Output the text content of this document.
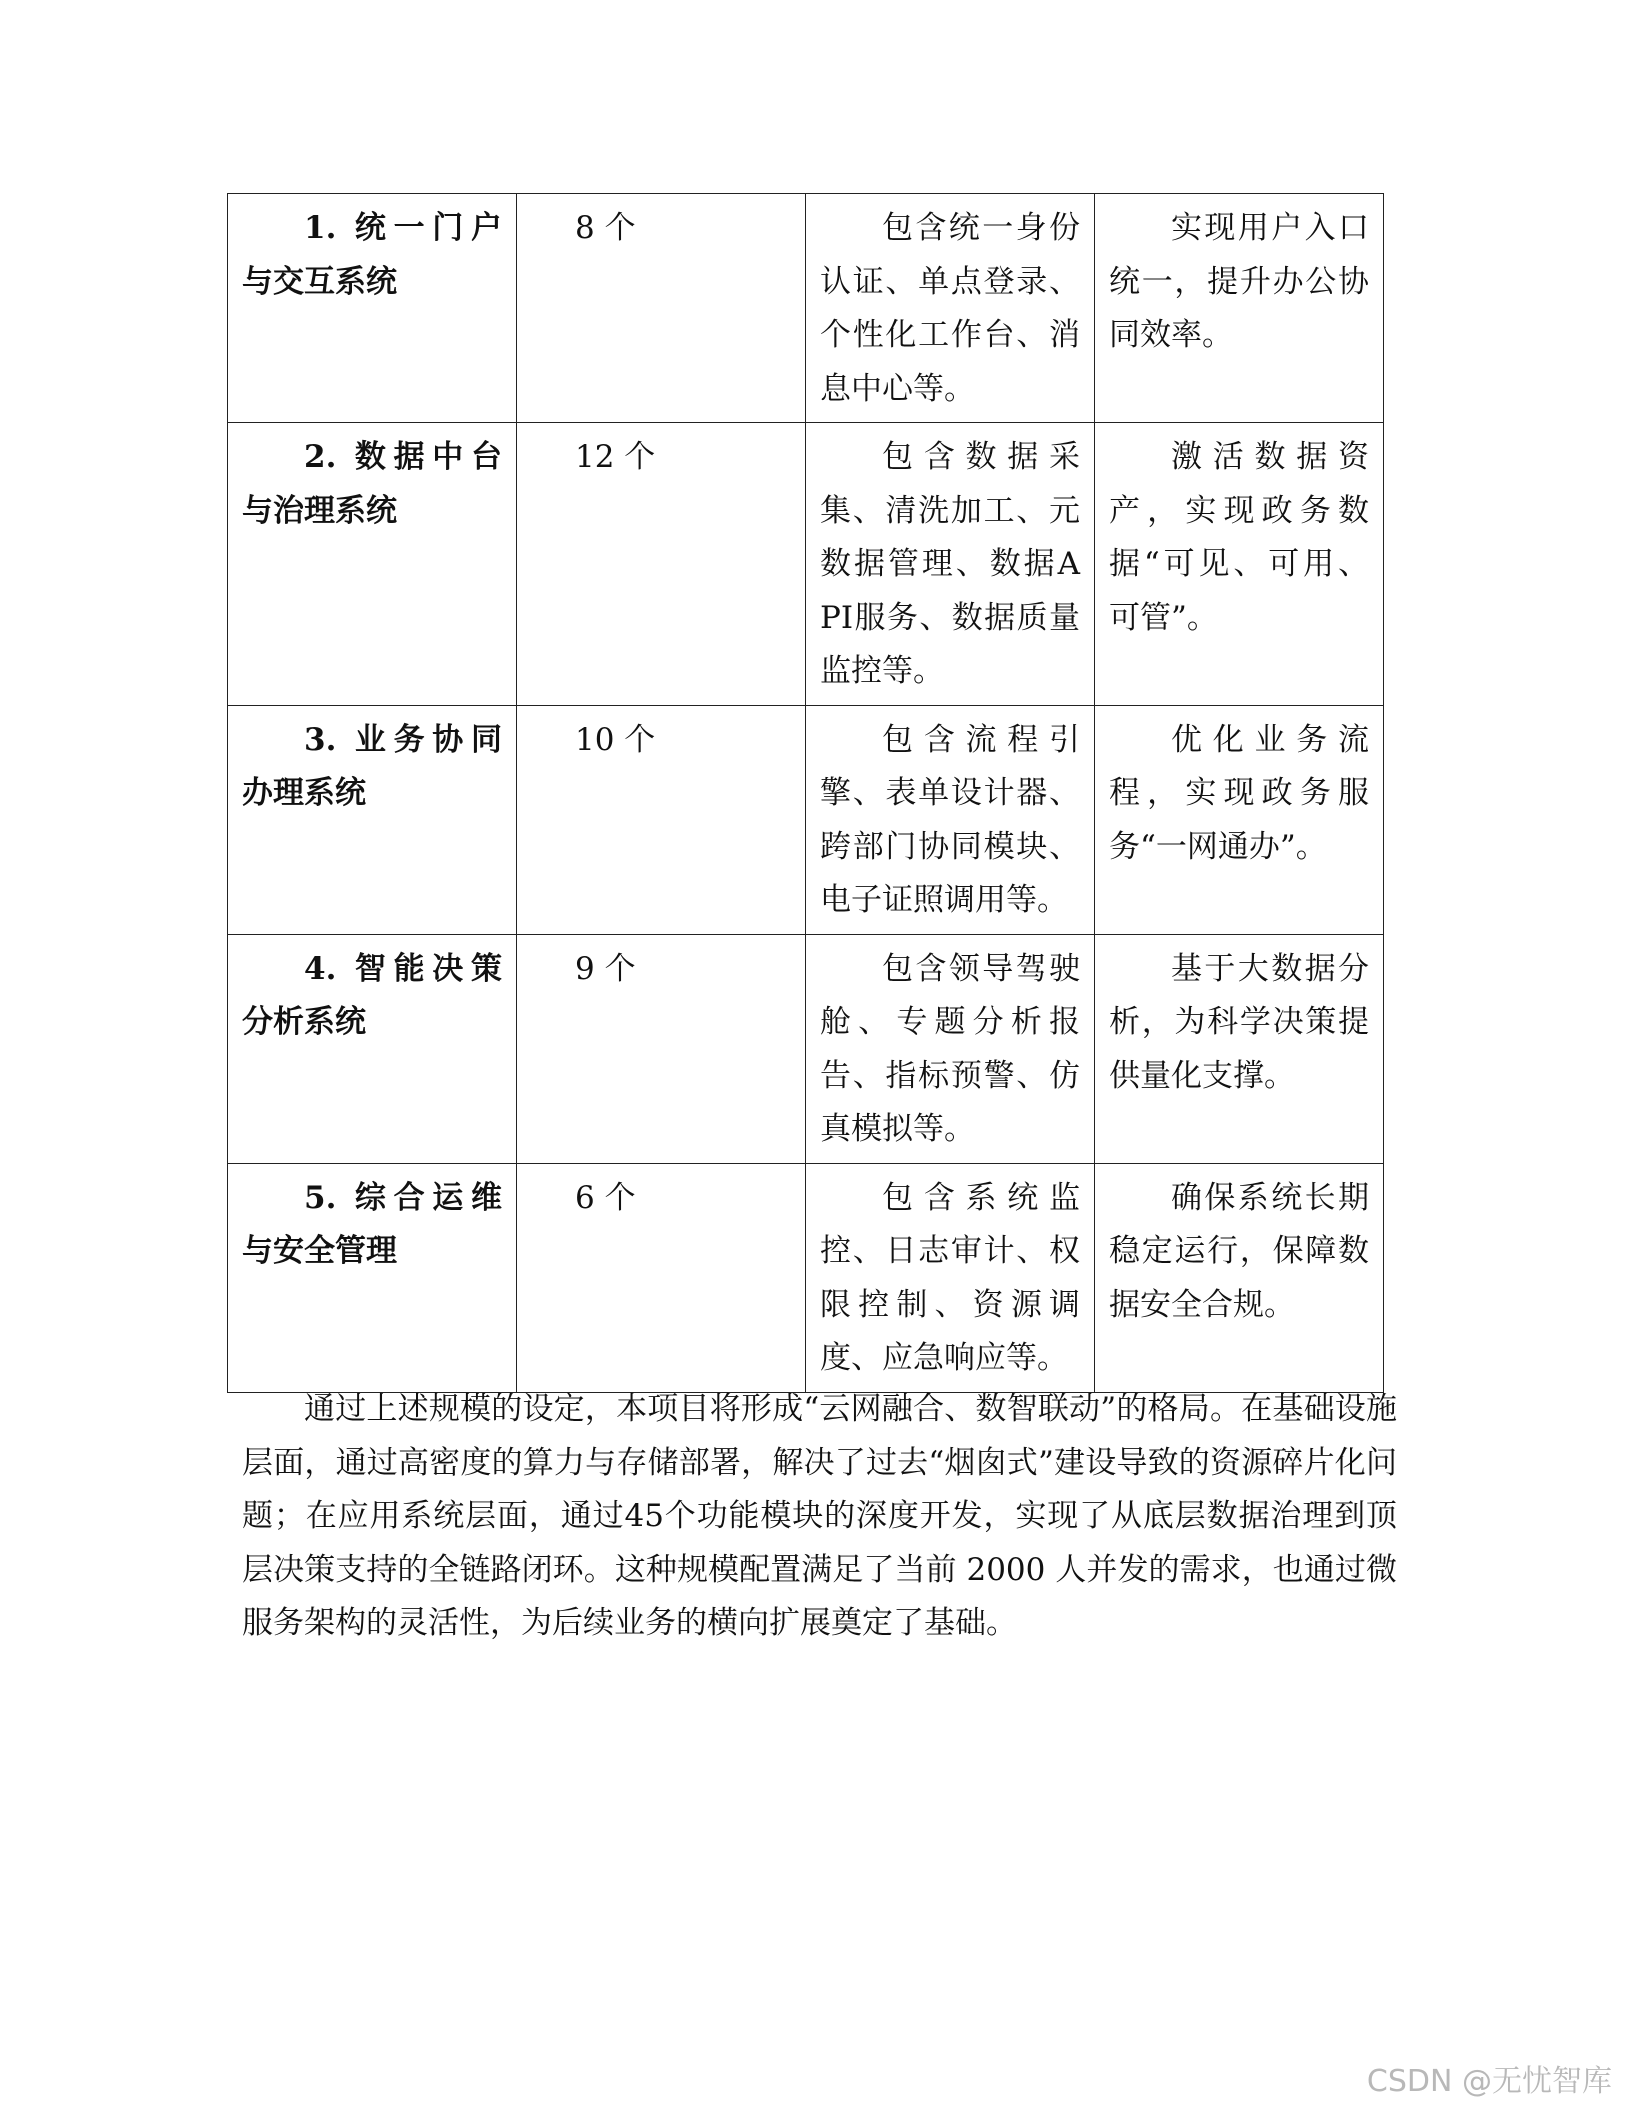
1. 统一门户与交互系统	8 个	包含统一身份认证、单点登录、个性化工作台、消息中心等。	实现用户入口统一，提升办公协同效率。
2. 数据中台与治理系统	12 个	包含数据采集、清洗加工、元数据管理、数据API服务、数据质量监控等。	激活数据资产，实现政务数据“可见、可用、可管”。
3. 业务协同办理系统	10 个	包含流程引擎、表单设计器、跨部门协同模块、电子证照调用等。	优化业务流程，实现政务服务“一网通办”。
4. 智能决策分析系统	9 个	包含领导驾驶舱、专题分析报告、指标预警、仿真模拟等。	基于大数据分析，为科学决策提供量化支撑。
5. 综合运维与安全管理	6 个	包含系统监控、日志审计、权限控制、资源调度、应急响应等。	确保系统长期稳定运行，保障数据安全合规。

通过上述规模的设定，本项目将形成“云网融合、数智联动”的格局。在基础设施层面，通过高密度的算力与存储部署，解决了过去“烟囱式”建设导致的资源碎片化问题；在应用系统层面，通过45个功能模块的深度开发，实现了从底层数据治理到顶层决策支持的全链路闭环。这种规模配置满足了当前 2000 人并发的需求，也通过微服务架构的灵活性，为后续业务的横向扩展奠定了基础。

CSDN @无忧智库
